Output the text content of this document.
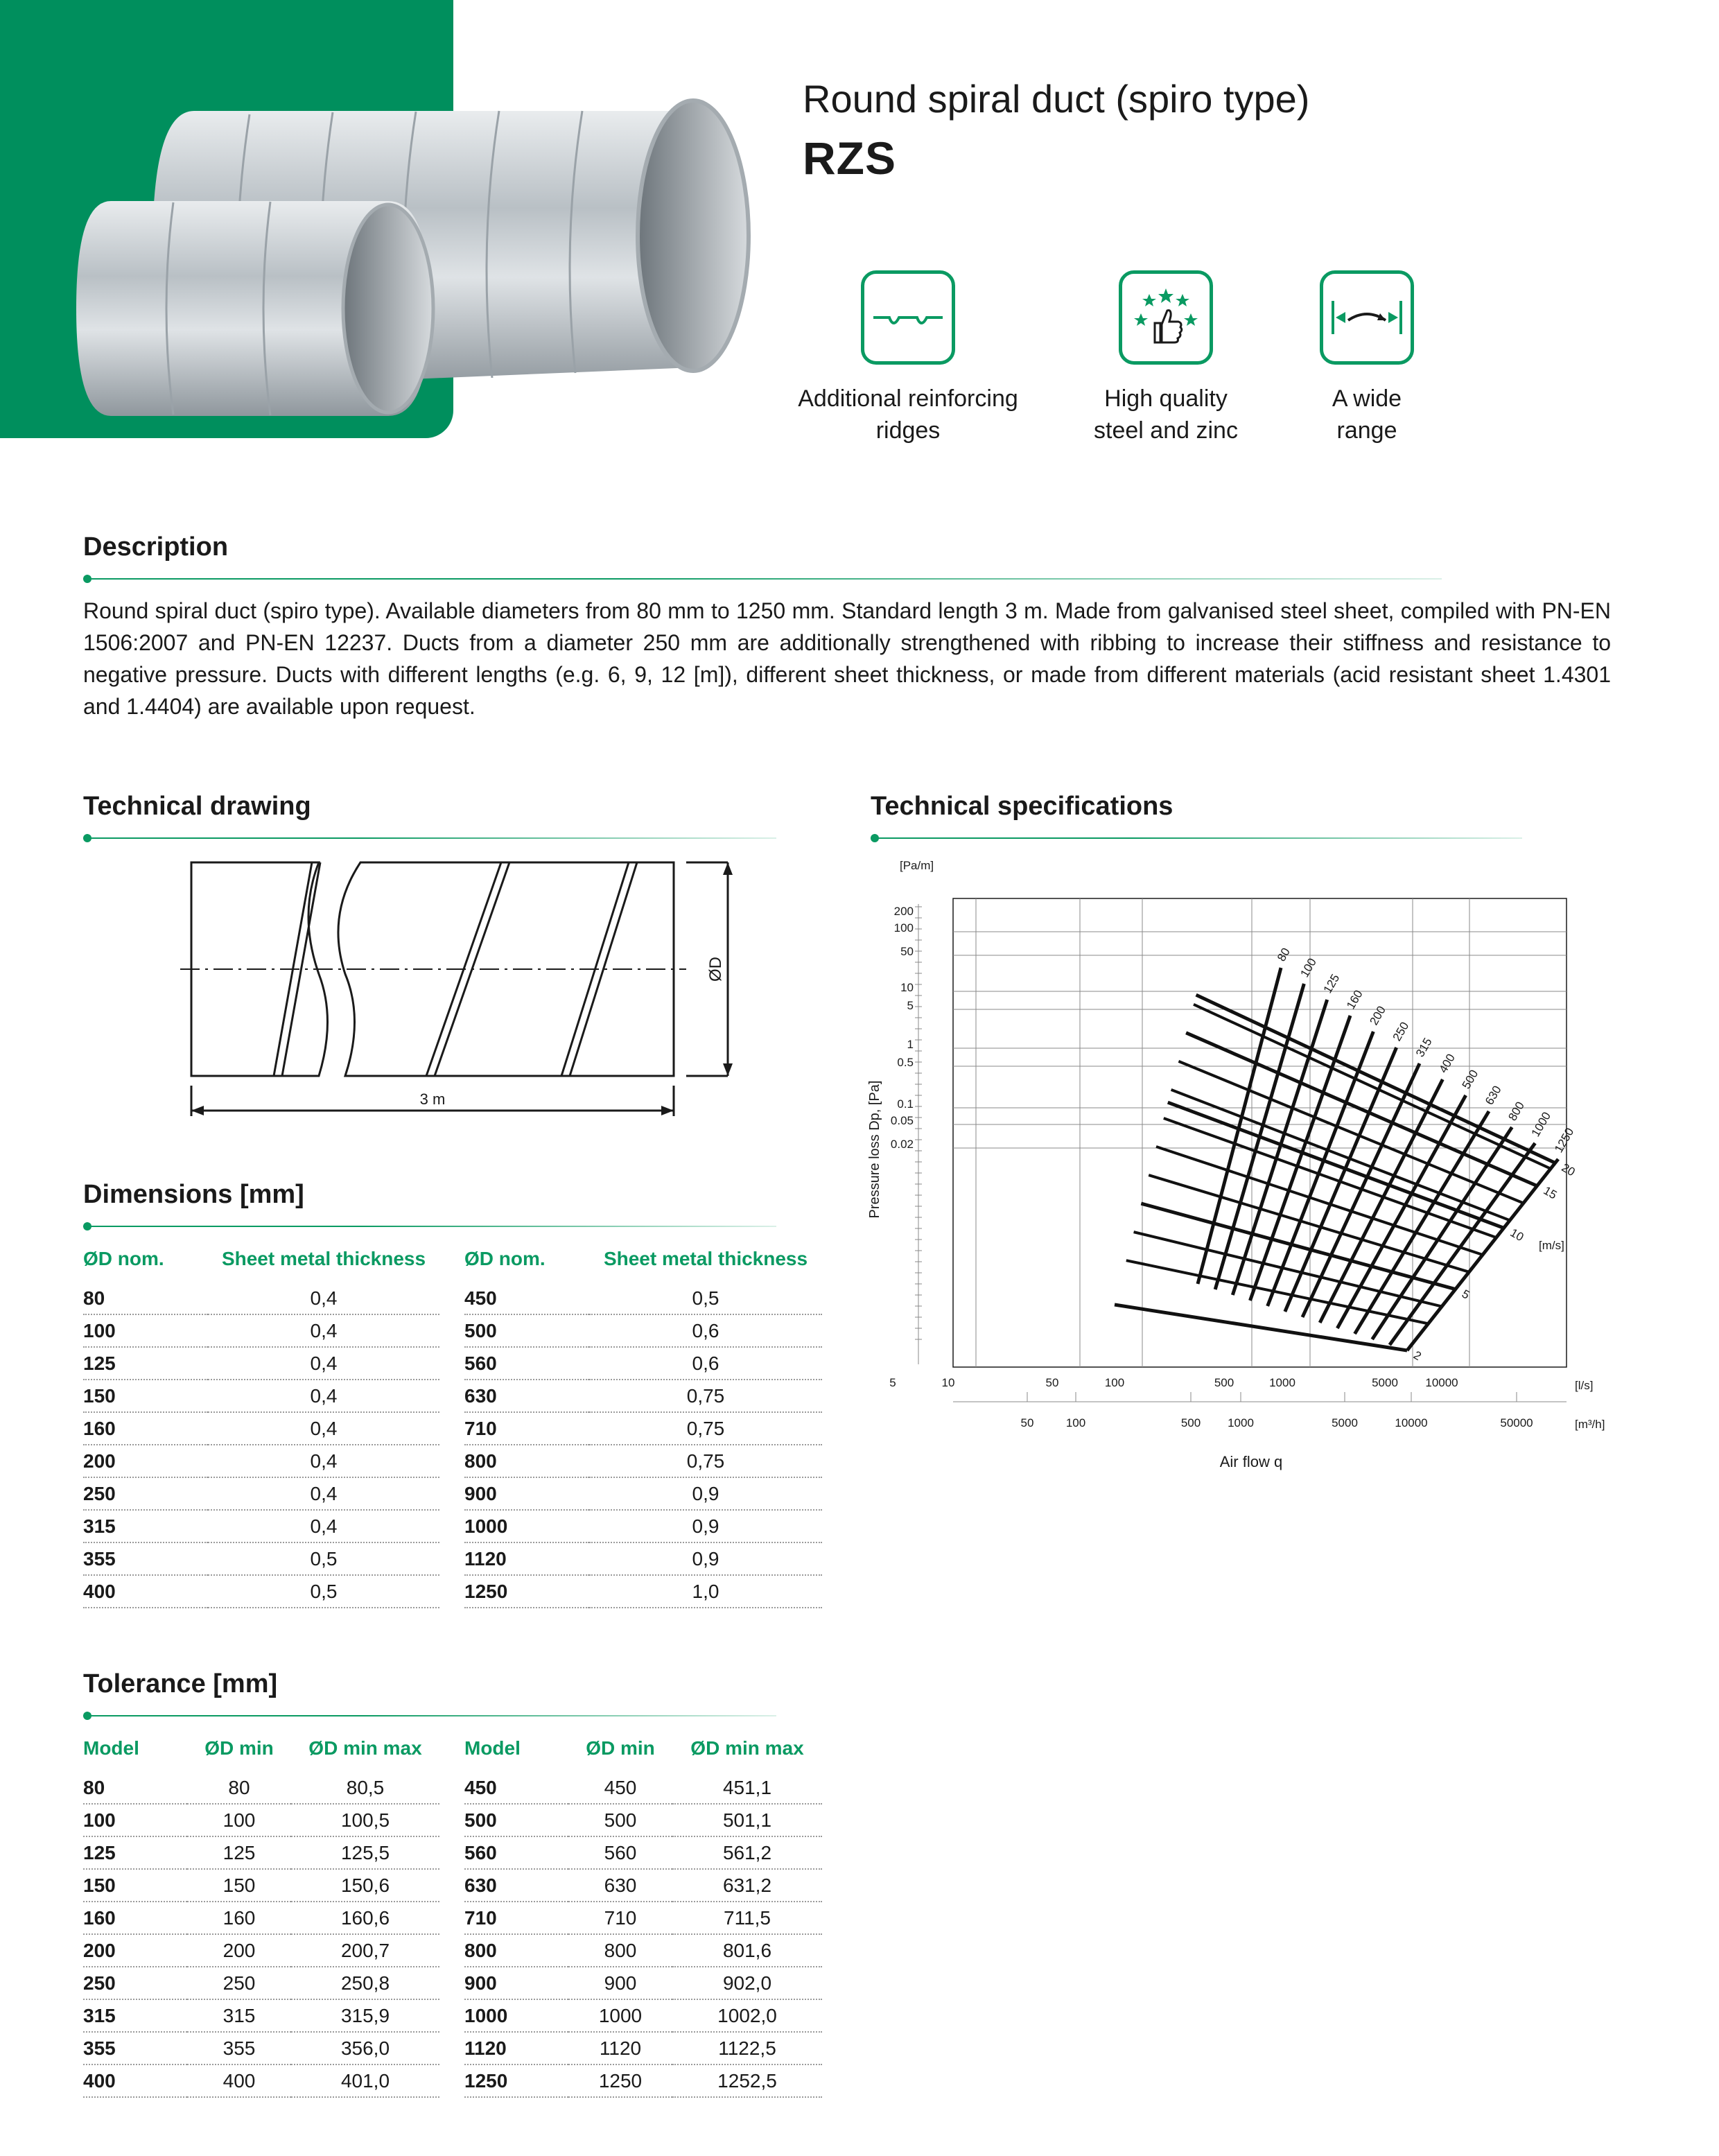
Round spiral duct (spiro type)
RZS
Additional reinforcing
ridges
High quality
steel and zinc
A wide
range
Description
Round spiral duct (spiro type). Available diameters from 80 mm to 1250 mm. Standard length 3 m. Made from galvanised steel sheet, compiled with PN-EN 1506:2007 and PN-EN 12237. Ducts from a diameter 250 mm are additionally strengthened with ribbing to increase their stiffness and resistance to negative pressure. Ducts with different lengths (e.g. 6, 9, 12 [m]), different sheet thickness, or made from different materials (acid resistant sheet 1.4301 and 1.4404) are available upon request.
Technical drawing
3 m
ØD
Technical specifications
[Pa/m]
Pressure loss Dp, [Pa]
Air flow q
[l/s]
[m³/h]
[m/s]
200
100
50
10
5
1
0.5
0.1
0.05
0.02
5	10	50	100	500	1000	5000 10000
50	100	500 1000	5000	10000	50000
80
100
125
160
200
250
315
400
500
630
800 1000
1250
20
15
10
5
2
Dimensions [mm]
ØD nom.	Sheet metal thickness
80	0,4
100	0,4
125	0,4
150	0,4
160	0,4
200	0,4
250	0,4
315	0,4
355	0,5
400	0,5
ØD nom.	Sheet metal thickness
450	0,5
500	0,6
560	0,6
630	0,75
710	0,75
800	0,75
900	0,9
1000	0,9
1120	0,9
1250	1,0
Tolerance [mm]
Model	ØD min	ØD min max
80	80	80,5
100	100	100,5
125	125	125,5
150	150	150,6
160	160	160,6
200	200	200,7
250	250	250,8
315	315	315,9
355	355	356,0
400	400	401,0
Model	ØD min	ØD min max
450	450	451,1
500	500	501,1
560	560	561,2
630	630	631,2
710	710	711,5
800	800	801,6
900	900	902,0
1000	1000	1002,0
1120	1120	1122,5
1250	1250	1252,5
